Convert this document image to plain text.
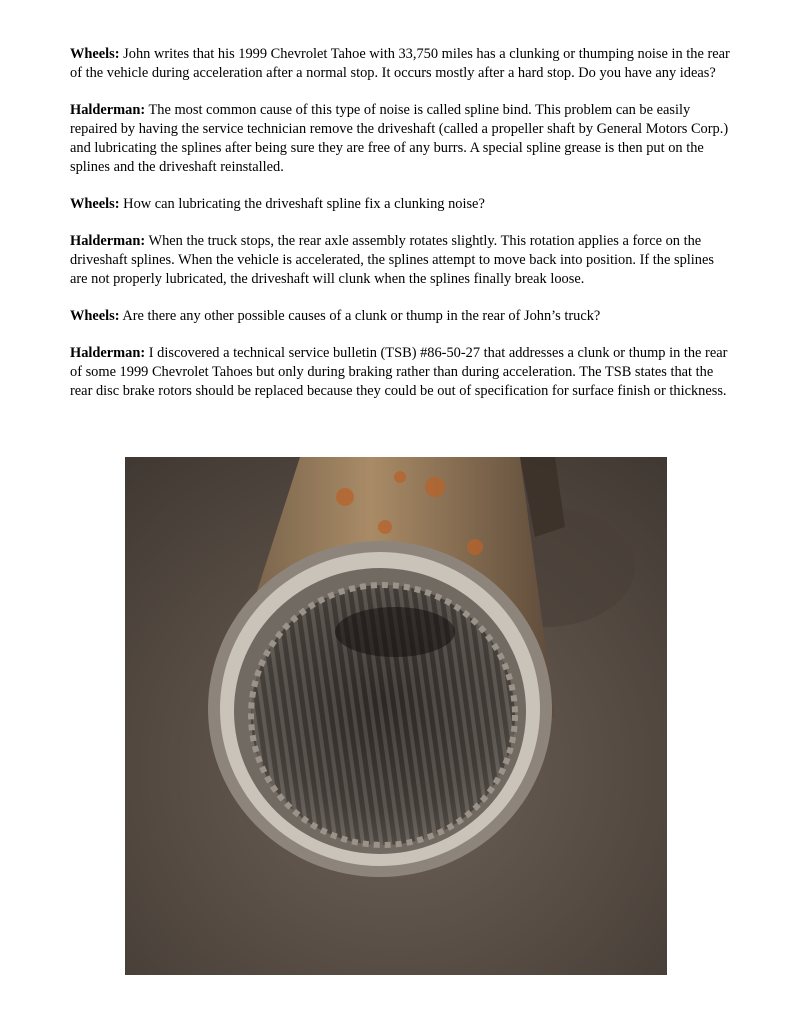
Wheels: John writes that his 1999 Chevrolet Tahoe with 33,750 miles has a clunking or thumping noise in the rear of the vehicle during acceleration after a normal stop. It occurs mostly after a hard stop. Do you have any ideas?

Halderman: The most common cause of this type of noise is called spline bind. This problem can be easily repaired by having the service technician remove the driveshaft (called a propeller shaft by General Motors Corp.) and lubricating the splines after being sure they are free of any burrs. A special spline grease is then put on the splines and the driveshaft reinstalled.

Wheels: How can lubricating the driveshaft spline fix a clunking noise?

Halderman: When the truck stops, the rear axle assembly rotates slightly. This rotation applies a force on the driveshaft splines. When the vehicle is accelerated, the splines attempt to move back into position. If the splines are not properly lubricated, the driveshaft will clunk when the splines finally break loose.

Wheels: Are there any other possible causes of a clunk or thump in the rear of John’s truck?

Halderman: I discovered a technical service bulletin (TSB) #86-50-27 that addresses a clunk or thump in the rear of some 1999 Chevrolet Tahoes but only during braking rather than during acceleration. The TSB states that the rear disc brake rotors should be replaced because they could be out of specification for surface finish or thickness.
